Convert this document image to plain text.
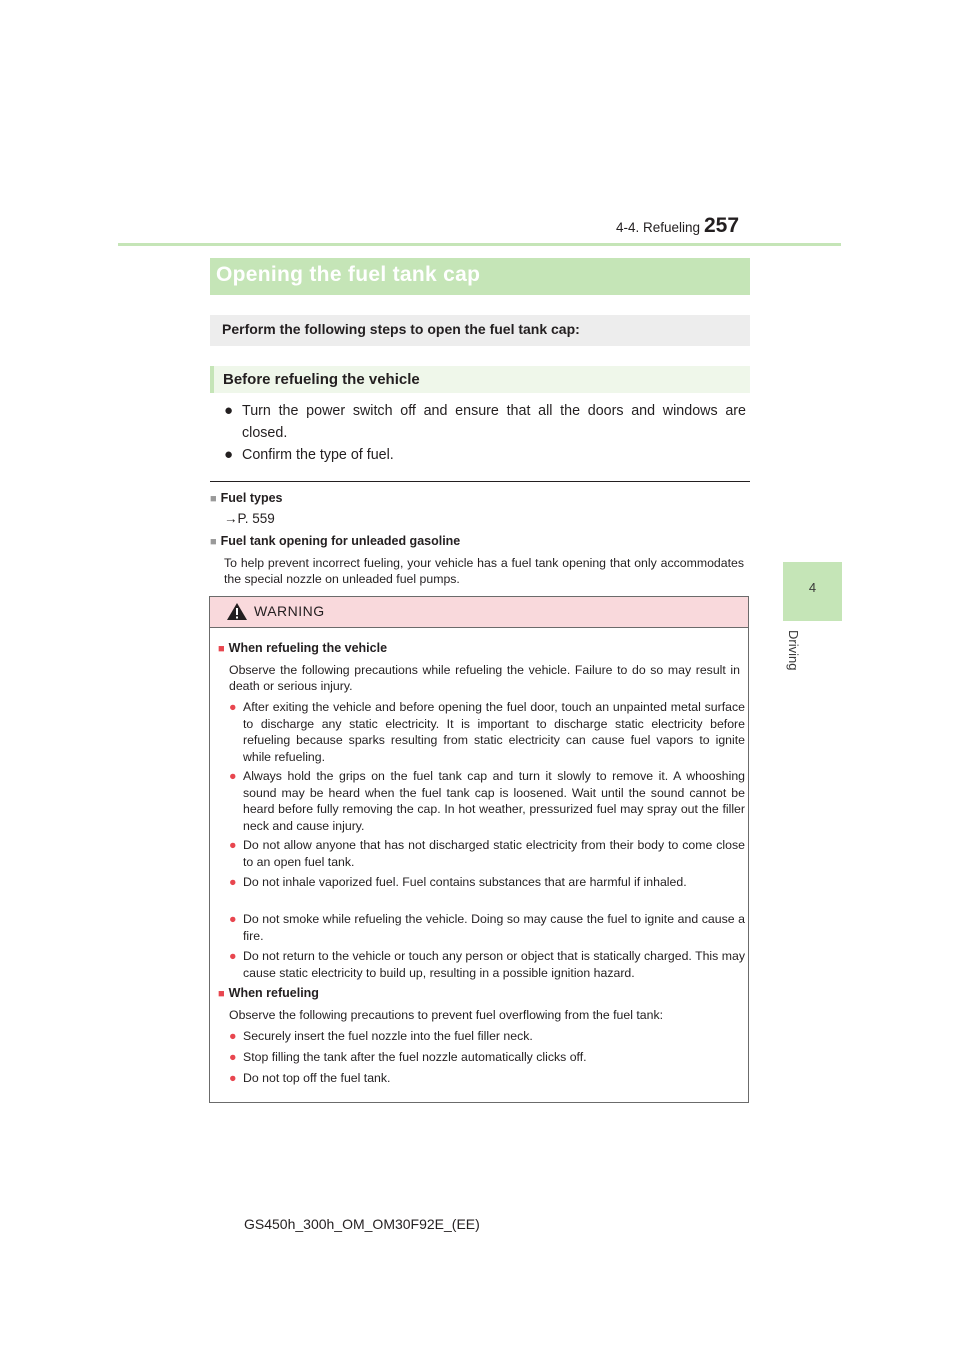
4-4. Refueling 257
4
Driving
Opening the fuel tank cap
Perform the following steps to open the fuel tank cap:
Before refueling the vehicle
● Turn the power switch off and ensure that all the doors and windows are closed.
● Confirm the type of fuel.
■ Fuel types
→P. 559
■ Fuel tank opening for unleaded gasoline
To help prevent incorrect fueling, your vehicle has a fuel tank opening that only accommodates the special nozzle on unleaded fuel pumps.
WARNING
■ When refueling the vehicle
Observe the following precautions while refueling the vehicle. Failure to do so may result in death or serious injury.
● After exiting the vehicle and before opening the fuel door, touch an unpainted metal surface to discharge any static electricity. It is important to discharge static electricity before refueling because sparks resulting from static electricity can cause fuel vapors to ignite while refueling.
● Always hold the grips on the fuel tank cap and turn it slowly to remove it. A whooshing sound may be heard when the fuel tank cap is loosened. Wait until the sound cannot be heard before fully removing the cap. In hot weather, pressurized fuel may spray out the filler neck and cause injury.
● Do not allow anyone that has not discharged static electricity from their body to come close to an open fuel tank.
● Do not inhale vaporized fuel. Fuel contains substances that are harmful if inhaled.
● Do not smoke while refueling the vehicle. Doing so may cause the fuel to ignite and cause a fire.
● Do not return to the vehicle or touch any person or object that is statically charged. This may cause static electricity to build up, resulting in a possible ignition hazard.
■ When refueling
Observe the following precautions to prevent fuel overflowing from the fuel tank:
● Securely insert the fuel nozzle into the fuel filler neck.
● Stop filling the tank after the fuel nozzle automatically clicks off.
● Do not top off the fuel tank.
GS450h_300h_OM_OM30F92E_(EE)
